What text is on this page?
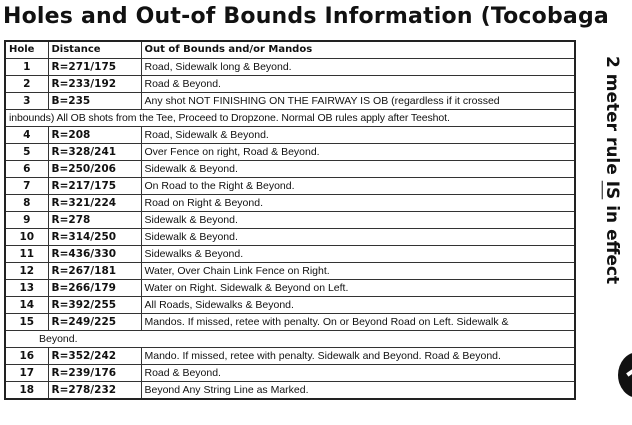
Holes and Out-of Bounds Information (Tocobaga
Hole	Distance	Out of Bounds and/or Mandos
1	R=271/175	Road, Sidewalk long & Beyond.
2	R=233/192	Road & Beyond.
3	B=235	Any shot NOT FINISHING ON THE FAIRWAY IS OB (regardless if it crossed
inbounds) All OB shots from the Tee, Proceed to Dropzone. Normal OB rules apply after Teeshot.		
4	R=208	Road, Sidewalk & Beyond.
5	R=328/241	Over Fence on right, Road & Beyond.
6	B=250/206	Sidewalk & Beyond.
7	R=217/175	On Road to the Right & Beyond.
8	R=321/224	Road on Right & Beyond.
9	R=278	Sidewalk & Beyond.
10	R=314/250	Sidewalk & Beyond.
11	R=436/330	Sidewalks & Beyond.
12	R=267/181	Water, Over Chain Link Fence on Right.
13	B=266/179	Water on Right. Sidewalk & Beyond on Left.
14	R=392/255	All Roads, Sidewalks & Beyond.
15	R=249/225	Mandos. If missed, retee with penalty. On or Beyond Road on Left. Sidewalk &
Beyond.		
16	R=352/242	Mando. If missed, retee with penalty. Sidewalk and Beyond. Road & Beyond.
17	R=239/176	Road & Beyond.
18	R=278/232	Beyond Any String Line as Marked.
2 meter rule IS in effect
